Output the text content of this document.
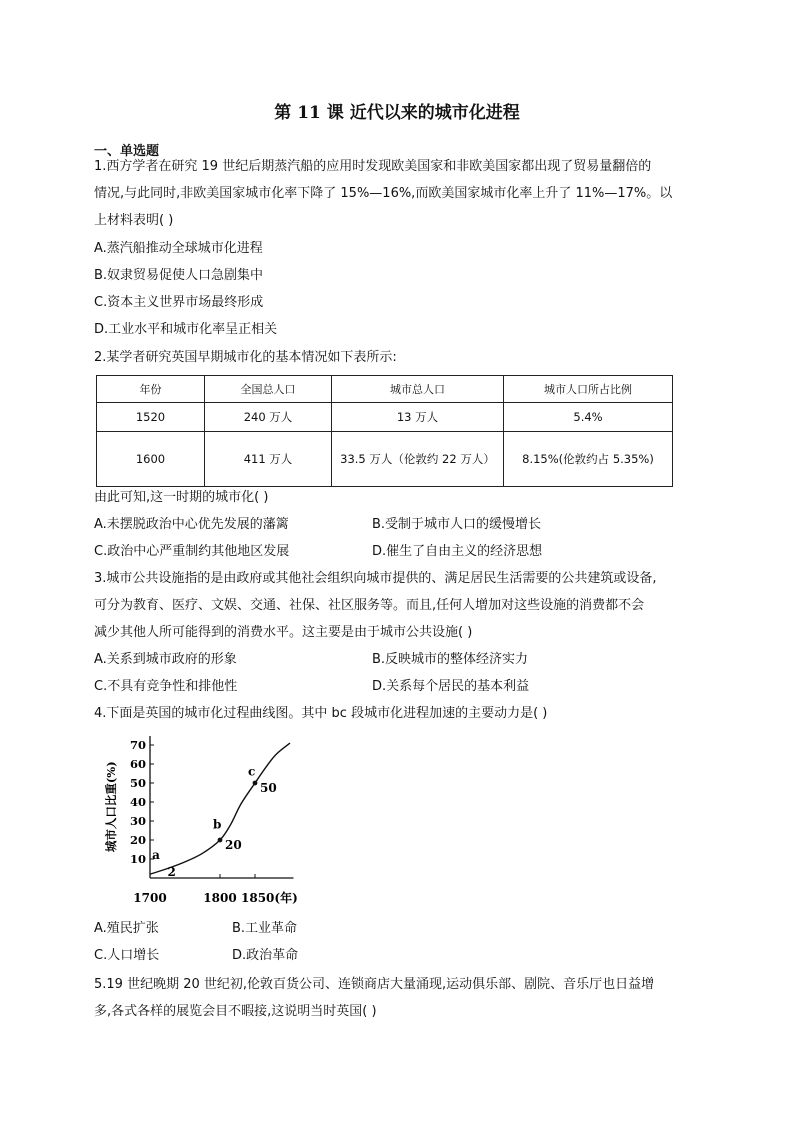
第 11 课 近代以来的城市化进程
一、单选题
1.西方学者在研究 19 世纪后期蒸汽船的应用时发现欧美国家和非欧美国家都出现了贸易量翻倍的
情况,与此同时,非欧美国家城市化率下降了 15%—16%,而欧美国家城市化率上升了 11%—17%。以
上材料表明( )
A.蒸汽船推动全球城市化进程
B.奴隶贸易促使人口急剧集中
C.资本主义世界市场最终形成
D.工业水平和城市化率呈正相关
2.某学者研究英国早期城市化的基本情况如下表所示:
年份	全国总人口	城市总人口	城市人口所占比例
1520	240 万人	13 万人	5.4%
1600	411 万人	33.5 万人（伦敦约 22 万人）	8.15%(伦敦约占 5.35%)
由此可知,这一时期的城市化( )
A.未摆脱政治中心优先发展的藩篱	B.受制于城市人口的缓慢增长
C.政治中心严重制约其他地区发展	D.催生了自由主义的经济思想
3.城市公共设施指的是由政府或其他社会组织向城市提供的、满足居民生活需要的公共建筑或设备,
可分为教育、医疗、文娱、交通、社保、社区服务等。而且,任何人增加对这些设施的消费都不会
减少其他人所可能得到的消费水平。这主要是由于城市公共设施( )
A.关系到城市政府的形象	B.反映城市的整体经济实力
C.不具有竞争性和排他性	D.关系每个居民的基本利益
4.下面是英国的城市化过程曲线图。其中 bc 段城市化进程加速的主要动力是( )
10
20
30
40
50
60
70
1700	1800 1850(年)
城市人口比重(%)
a
2
b
20
c
50
A.殖民扩张	B.工业革命
C.人口增长	D.政治革命
5.19 世纪晚期 20 世纪初,伦敦百货公司、连锁商店大量涌现,运动俱乐部、剧院、音乐厅也日益增
多,各式各样的展览会目不暇接,这说明当时英国( )
